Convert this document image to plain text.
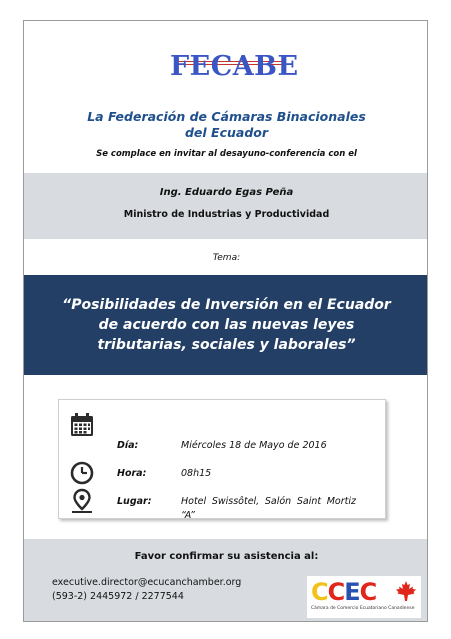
FECABE
La Federación de Cámaras Binacionales
del Ecuador
Se complace en invitar al desayuno-conferencia con el
Ing. Eduardo Egas Peña
Ministro de Industrias y Productividad
Tema:
“Posibilidades de Inversión en el Ecuador de acuerdo con las nuevas leyes tributarias, sociales y laborales”
Día:	Miércoles 18 de Mayo de 2016
Hora:	08h15
Lugar:	Hotel Swissôtel, Salón Saint Mortiz “A”
Favor confirmar su asistencia al:
executive.director@ecucanchamber.org
(593-2) 2445972 / 2277544	CCEC
Cámara de Comercio Ecuatoriano Canadiense
